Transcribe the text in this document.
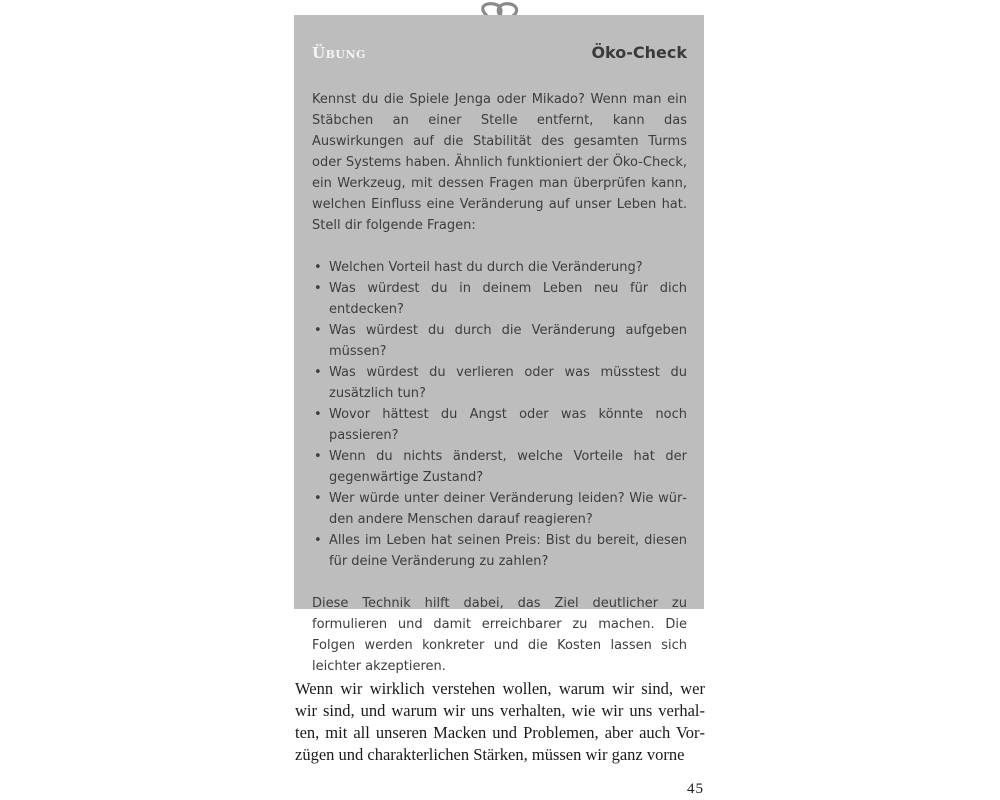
Übung	Öko-Check

Kennst du die Spiele Jenga oder Mikado? Wenn man ein Stäbchen an einer Stelle entfernt, kann das Auswirkungen auf die Stabilität des gesamten Turms oder Systems haben. Ähnlich funktioniert der Öko-Check, ein Werkzeug, mit dessen Fragen man überprüfen kann, welchen Einfluss eine Veränderung auf unser Leben hat. Stell dir folgende Fragen:

• Welchen Vorteil hast du durch die Veränderung?
• Was würdest du in deinem Leben neu für dich entdecken?
• Was würdest du durch die Veränderung aufgeben müssen?
• Was würdest du verlieren oder was müsstest du zusätzlich tun?
• Wovor hättest du Angst oder was könnte noch passieren?
• Wenn du nichts änderst, welche Vorteile hat der gegenwärtige Zustand?
• Wer würde unter deiner Veränderung leiden? Wie würden andere Menschen darauf reagieren?
• Alles im Leben hat seinen Preis: Bist du bereit, diesen für deine Veränderung zu zahlen?

Diese Technik hilft dabei, das Ziel deutlicher zu formulieren und damit erreichbarer zu machen. Die Folgen werden konkreter und die Kosten lassen sich leichter akzeptieren.

Wenn wir wirklich verstehen wollen, warum wir sind, wer wir sind, und warum wir uns verhalten, wie wir uns verhalten, mit all unseren Macken und Problemen, aber auch Vorzügen und charakterlichen Stärken, müssen wir ganz vorne

45
